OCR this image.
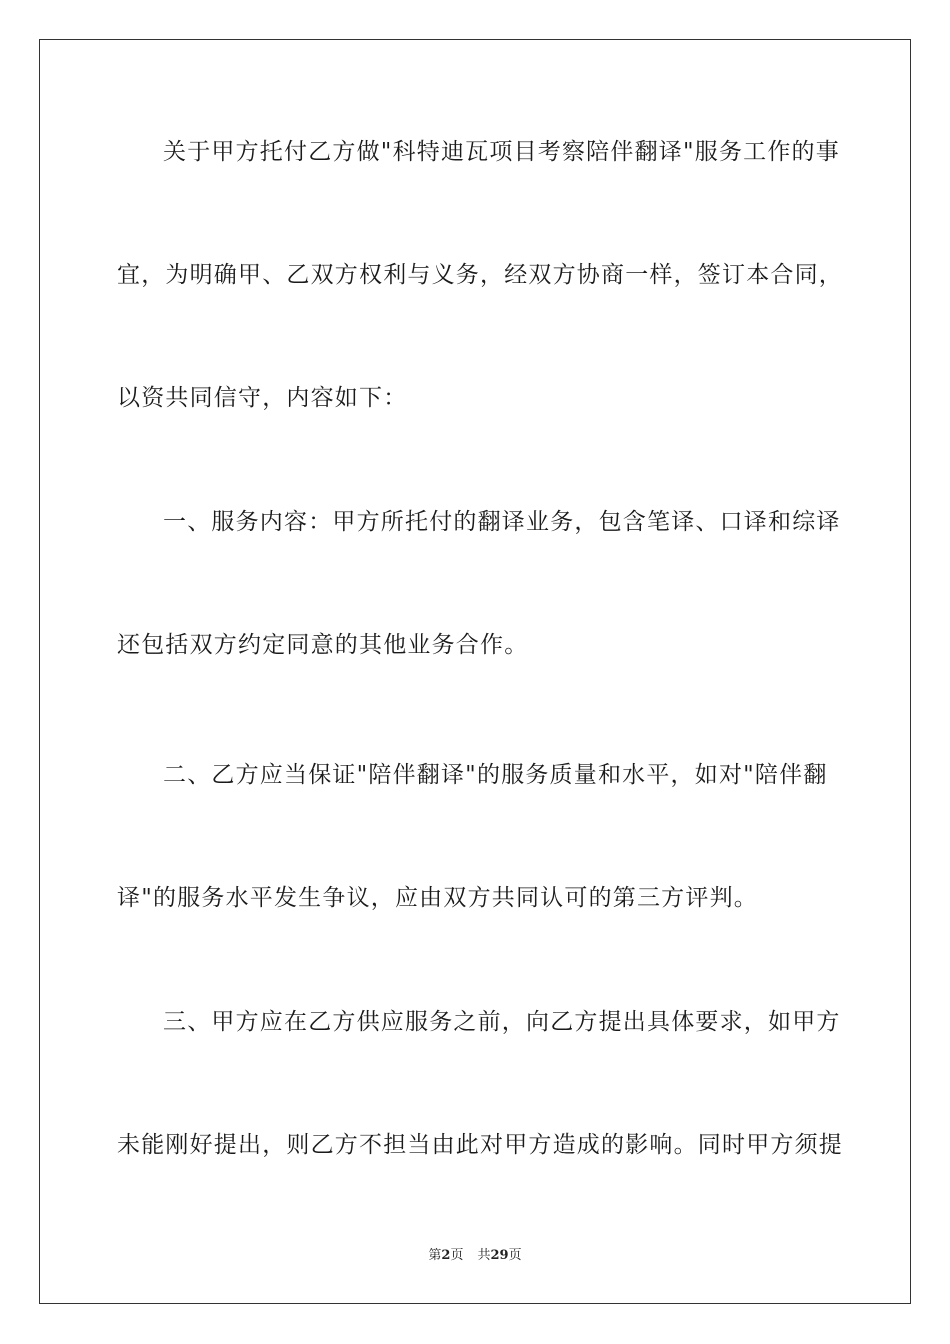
关于甲方托付乙方做"科特迪瓦项目考察陪伴翻译"服务工作的事
宜，为明确甲、乙双方权利与义务，经双方协商一样，签订本合同，
以资共同信守，内容如下：
一、服务内容：甲方所托付的翻译业务，包含笔译、口译和综译
还包括双方约定同意的其他业务合作。
二、乙方应当保证"陪伴翻译"的服务质量和水平，如对"陪伴翻
译"的服务水平发生争议，应由双方共同认可的第三方评判。
三、甲方应在乙方供应服务之前，向乙方提出具体要求，如甲方
未能刚好提出，则乙方不担当由此对甲方造成的影响。同时甲方须提
第2页 共29页
